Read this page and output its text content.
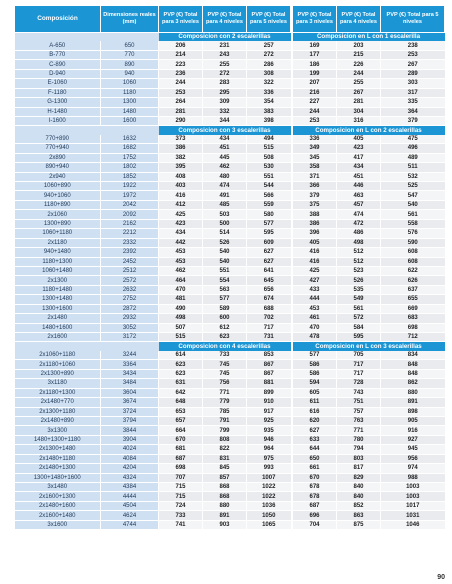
Composición	Dimensiones reales (mm)	PVP (€) Total para 3 niveles	PVP (€) Total para 4 niveles	PVP (€) Total para 5 niveles		PVP (€) Total para 3 niveles	PVP (€) Total para 4 niveles	PVP (€) Total para 5 niveles
		Composicion con 2 escalerillas				Composicion en L con 1 escalerilla		
A-650	650	206	231	257		169	203	238
B-770	770	214	243	272		177	215	253
C-890	890	223	255	286		186	226	267
D-940	940	236	272	308		199	244	289
E-1060	1060	244	283	322		207	255	303
F-1180	1180	253	295	336		216	267	317
G-1300	1300	264	309	354		227	281	335
H-1480	1480	281	332	383		244	304	364
I-1600	1600	290	344	398		253	316	379
		Composicion con 3 escalerillas				Composicion en L con 2 escalerillas		
770+890	1632	373	434	494		336	405	475
770+940	1682	386	451	515		349	423	496
2x890	1752	382	445	508		345	417	489
890+940	1802	395	462	530		358	434	511
2x940	1852	408	480	551		371	451	532
1060+890	1922	403	474	544		366	446	525
940+1060	1972	416	491	566		379	463	547
1180+890	2042	412	485	559		375	457	540
2x1060	2092	425	503	580		388	474	561
1300+890	2162	423	500	577		386	472	558
1060+1180	2212	434	514	595		396	486	576
2x1180	2332	442	526	609		405	498	590
940+1480	2392	453	540	627		416	512	608
1180+1300	2452	453	540	627		416	512	608
1060+1480	2512	462	551	641		425	523	622
2x1300	2572	464	554	645		427	526	626
1180+1480	2632	470	563	656		433	535	637
1300+1480	2752	481	577	674		444	549	655
1300+1600	2872	490	589	688		453	561	669
2x1480	2932	498	600	702		461	572	683
1480+1600	3052	507	612	717		470	584	698
2x1600	3172	515	623	731		478	595	712
		Composicion con 4 escalerillas				Composicion en L con 3 escalerillas		
2x1060+1180	3244	614	733	853		577	705	834
2x1180+1060	3364	623	745	867		586	717	848
2x1300+890	3434	623	745	867		586	717	848
3x1180	3484	631	756	881		594	728	862
2x1180+1300	3604	642	771	899		605	743	880
2x1480+770	3674	648	779	910		611	751	891
2x1300+1180	3724	653	785	917		616	757	898
2x1480+890	3794	657	791	925		620	763	905
3x1300	3844	664	799	935		627	771	916
1480+1300+1180	3904	670	808	946		633	780	927
2x1300+1480	4024	681	822	964		644	794	945
2x1480+1180	4084	687	831	975		650	803	956
2x1480+1300	4204	698	845	993		661	817	974
1300+1480+1600	4324	707	857	1007		670	829	988
3x1480	4384	715	868	1022		678	840	1003
2x1600+1300	4444	715	868	1022		678	840	1003
2x1480+1600	4504	724	880	1036		687	852	1017
2x1600+1480	4624	733	891	1050		696	863	1031
3x1600	4744	741	903	1065		704	875	1046
90
